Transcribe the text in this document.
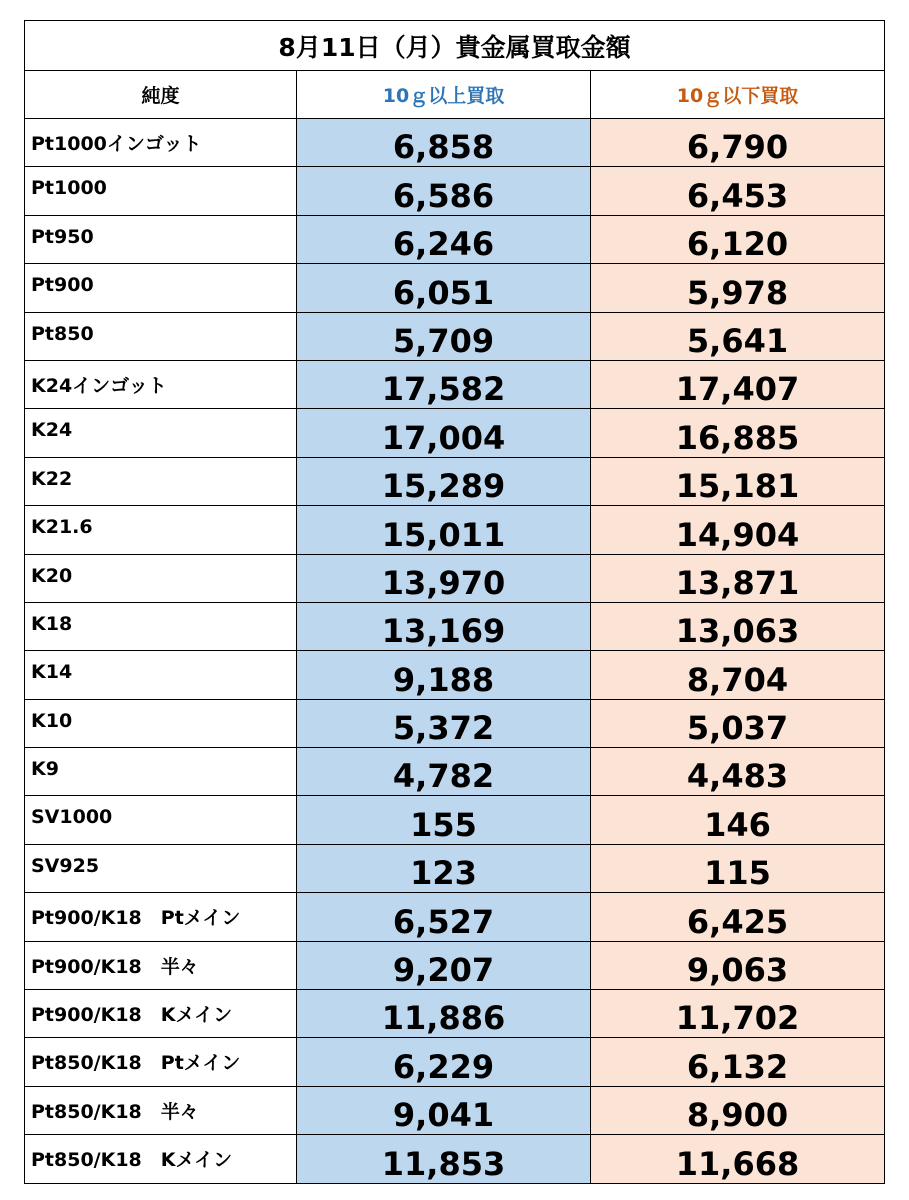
8月11日（月）貴金属買取金額		
純度	10ｇ以上買取	10ｇ以下買取
Pt1000インゴット	6,858	6,790
Pt1000	6,586	6,453
Pt950	6,246	6,120
Pt900	6,051	5,978
Pt850	5,709	5,641
K24インゴット	17,582	17,407
K24	17,004	16,885
K22	15,289	15,181
K21.6	15,011	14,904
K20	13,970	13,871
K18	13,169	13,063
K14	9,188	8,704
K10	5,372	5,037
K9	4,782	4,483
SV1000	155	146
SV925	123	115
Pt900/K18　Ptメイン	6,527	6,425
Pt900/K18　半々	9,207	9,063
Pt900/K18　Kメイン	11,886	11,702
Pt850/K18　Ptメイン	6,229	6,132
Pt850/K18　半々	9,041	8,900
Pt850/K18　Kメイン	11,853	11,668
